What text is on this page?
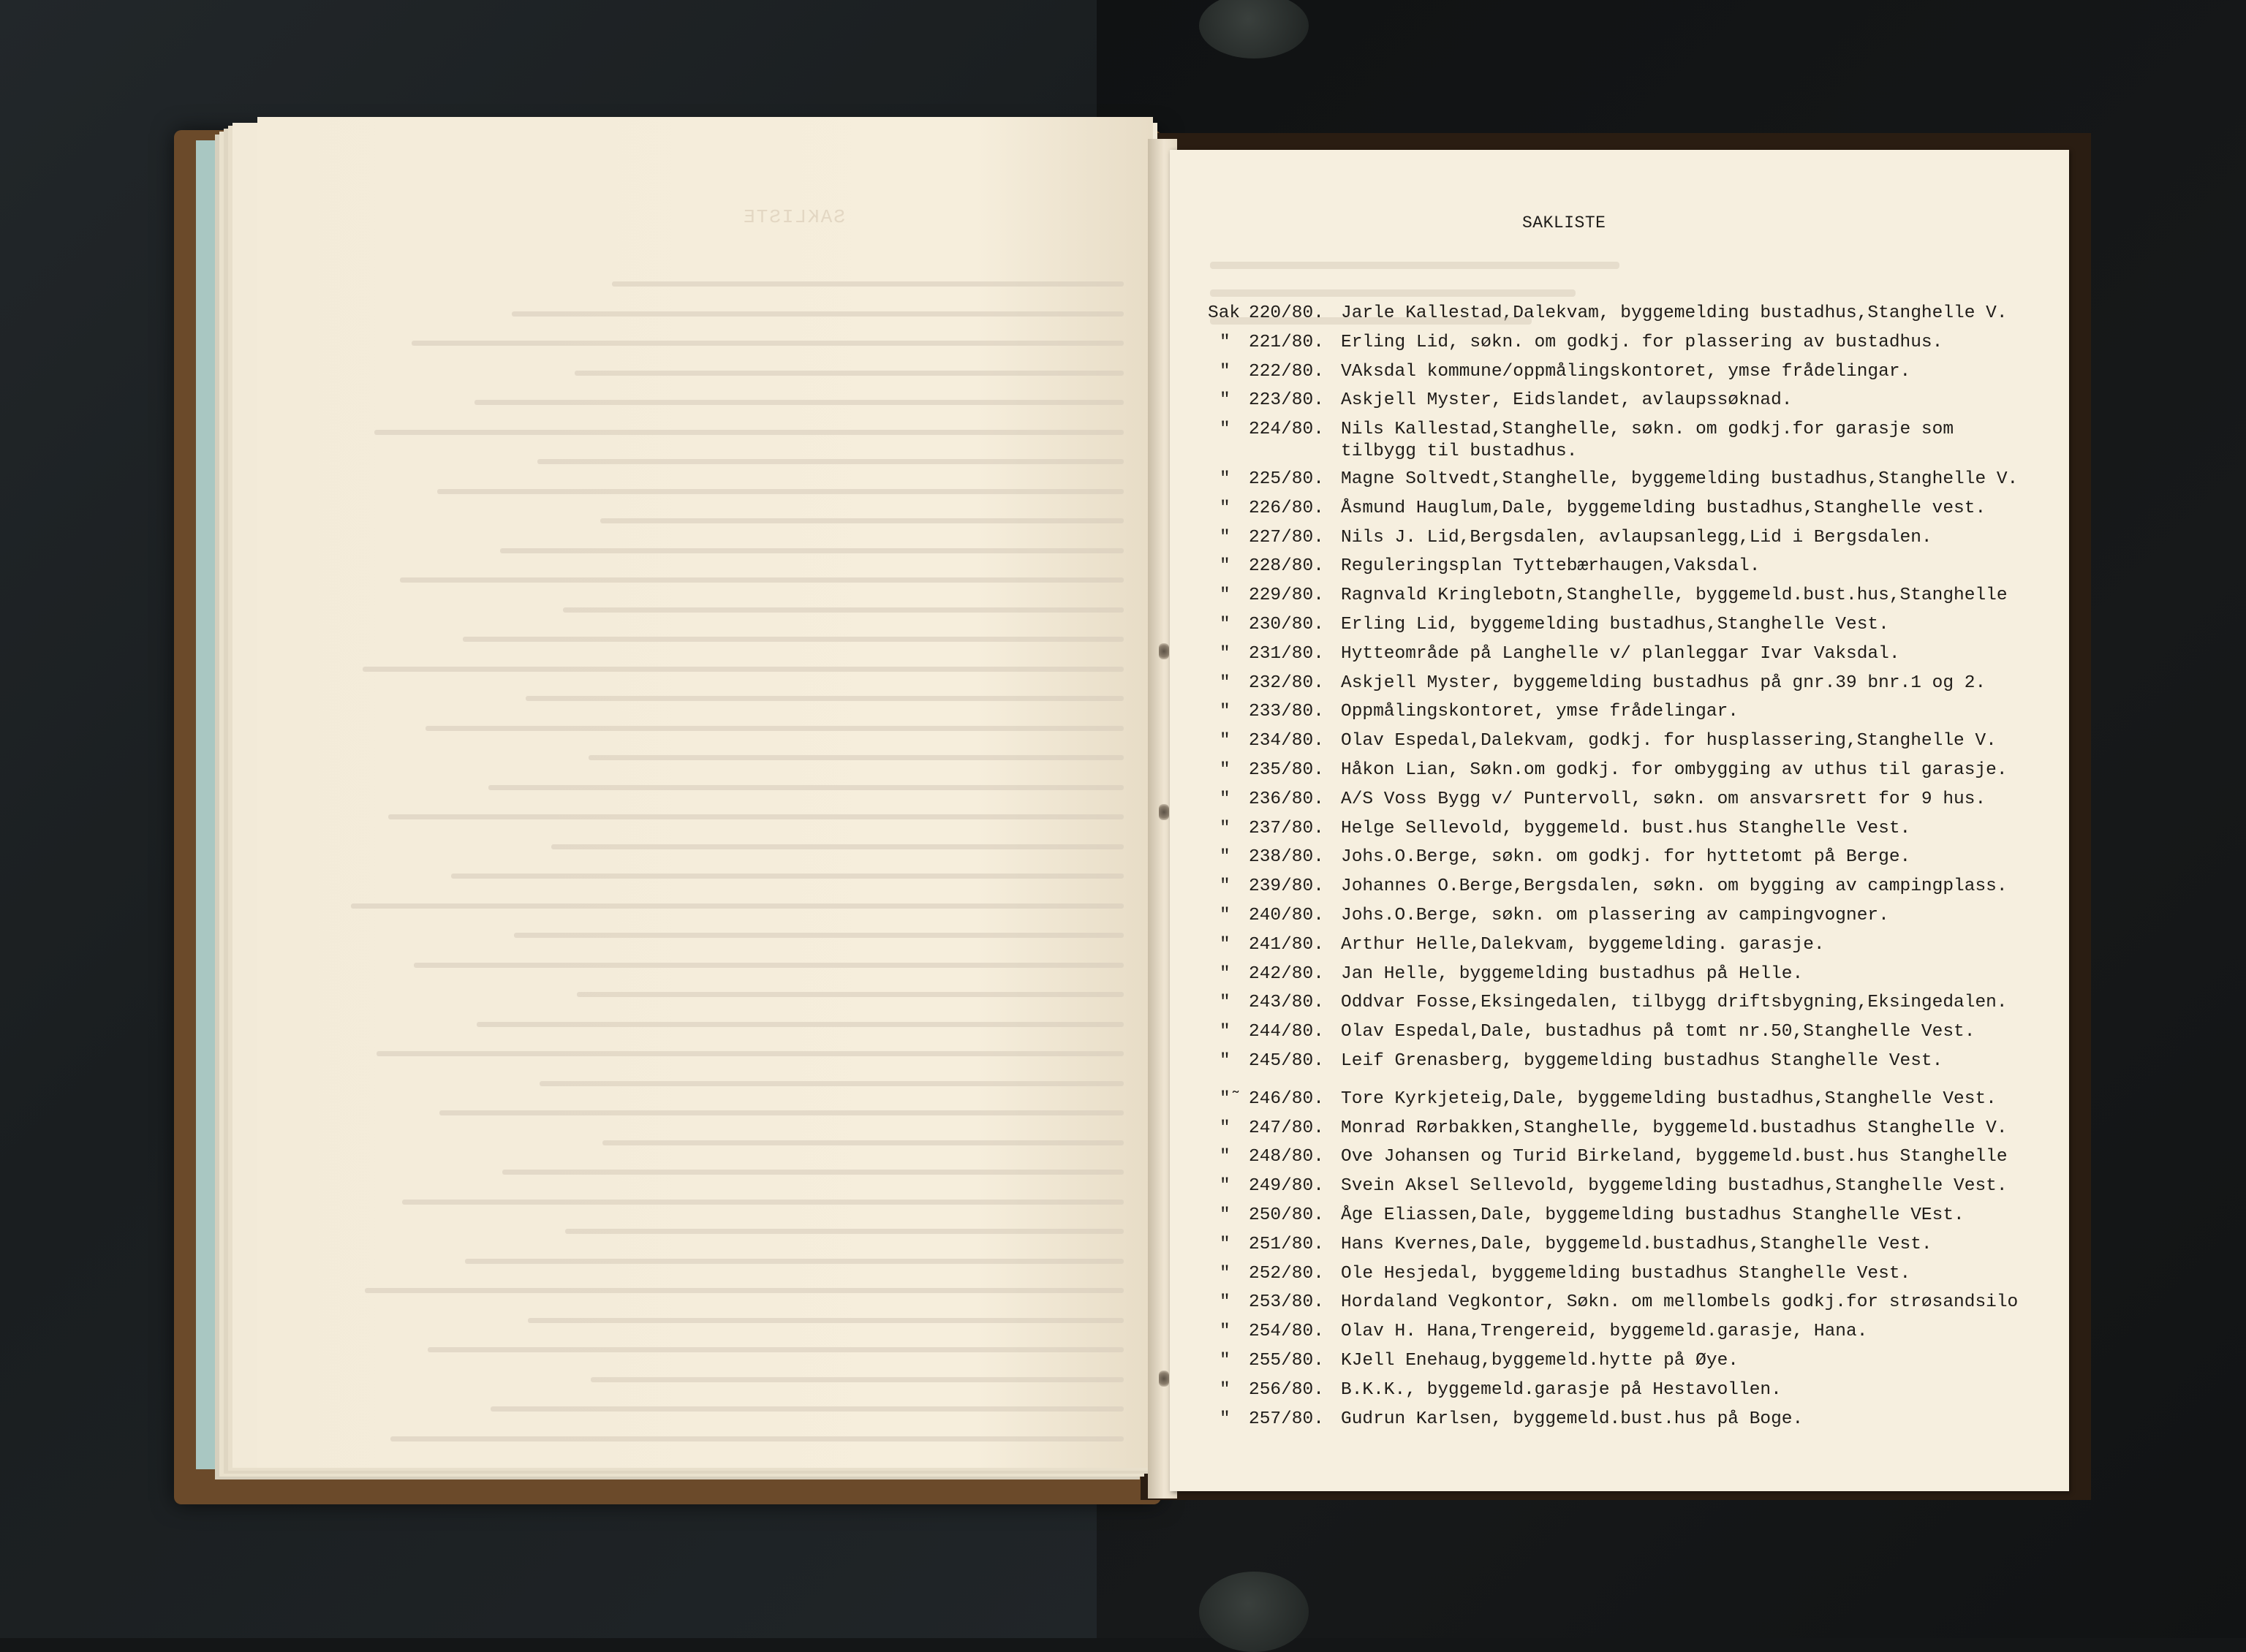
SAKLISTE	SAKLISTE
Sak 220/80. Jarle Kallestad,Dalekvam, byggemelding bustadhus,Stanghelle V.
" 221/80. Erling Lid, søkn. om godkj. for plassering av bustadhus.
" 222/80. VAksdal kommune/oppmålingskontoret, ymse frådelingar.
" 223/80. Askjell Myster, Eidslandet, avlaupssøknad.
" 224/80. Nils Kallestad,Stanghelle, søkn. om godkj.for garasje som
tilbygg til bustadhus.
" 225/80. Magne Soltvedt,Stanghelle, byggemelding bustadhus,Stanghelle V.
" 226/80. Åsmund Hauglum,Dale, byggemelding bustadhus,Stanghelle vest.
" 227/80. Nils J. Lid,Bergsdalen, avlaupsanlegg,Lid i Bergsdalen.
" 228/80. Reguleringsplan Tyttebærhaugen,Vaksdal.
" 229/80. Ragnvald Kringlebotn,Stanghelle, byggemeld.bust.hus,Stanghelle
" 230/80. Erling Lid, byggemelding bustadhus,Stanghelle Vest.
" 231/80. Hytteområde på Langhelle v/ planleggar Ivar Vaksdal.
" 232/80. Askjell Myster, byggemelding bustadhus på gnr.39 bnr.1 og 2.
" 233/80. Oppmålingskontoret, ymse frådelingar.
" 234/80. Olav Espedal,Dalekvam, godkj. for husplassering,Stanghelle V.
" 235/80. Håkon Lian, Søkn.om godkj. for ombygging av uthus til garasje.
" 236/80. A/S Voss Bygg v/ Puntervoll, søkn. om ansvarsrett for 9 hus.
" 237/80. Helge Sellevold, byggemeld. bust.hus Stanghelle Vest.
" 238/80. Johs.O.Berge, søkn. om godkj. for hyttetomt på Berge.
" 239/80. Johannes O.Berge,Bergsdalen, søkn. om bygging av campingplass.
" 240/80. Johs.O.Berge, søkn. om plassering av campingvogner.
" 241/80. Arthur Helle,Dalekvam, byggemelding. garasje.
" 242/80. Jan Helle, byggemelding bustadhus på Helle.
" 243/80. Oddvar Fosse,Eksingedalen, tilbygg driftsbygning,Eksingedalen.
" 244/80. Olav Espedal,Dale, bustadhus på tomt nr.50,Stanghelle Vest.
" 245/80. Leif Grenasberg, byggemelding bustadhus Stanghelle Vest.
"˜ 246/80. Tore Kyrkjeteig,Dale, byggemelding bustadhus,Stanghelle Vest.
" 247/80. Monrad Rørbakken,Stanghelle, byggemeld.bustadhus Stanghelle V.
" 248/80. Ove Johansen og Turid Birkeland, byggemeld.bust.hus Stanghelle
" 249/80. Svein Aksel Sellevold, byggemelding bustadhus,Stanghelle Vest.
" 250/80. Åge Eliassen,Dale, byggemelding bustadhus Stanghelle VEst.
" 251/80. Hans Kvernes,Dale, byggemeld.bustadhus,Stanghelle Vest.
" 252/80. Ole Hesjedal, byggemelding bustadhus Stanghelle Vest.
" 253/80. Hordaland Vegkontor, Søkn. om mellombels godkj.for strøsandsilo
" 254/80. Olav H. Hana,Trengereid, byggemeld.garasje, Hana.
" 255/80. KJell Enehaug,byggemeld.hytte på Øye.
" 256/80. B.K.K., byggemeld.garasje på Hestavollen.
" 257/80. Gudrun Karlsen, byggemeld.bust.hus på Boge.
